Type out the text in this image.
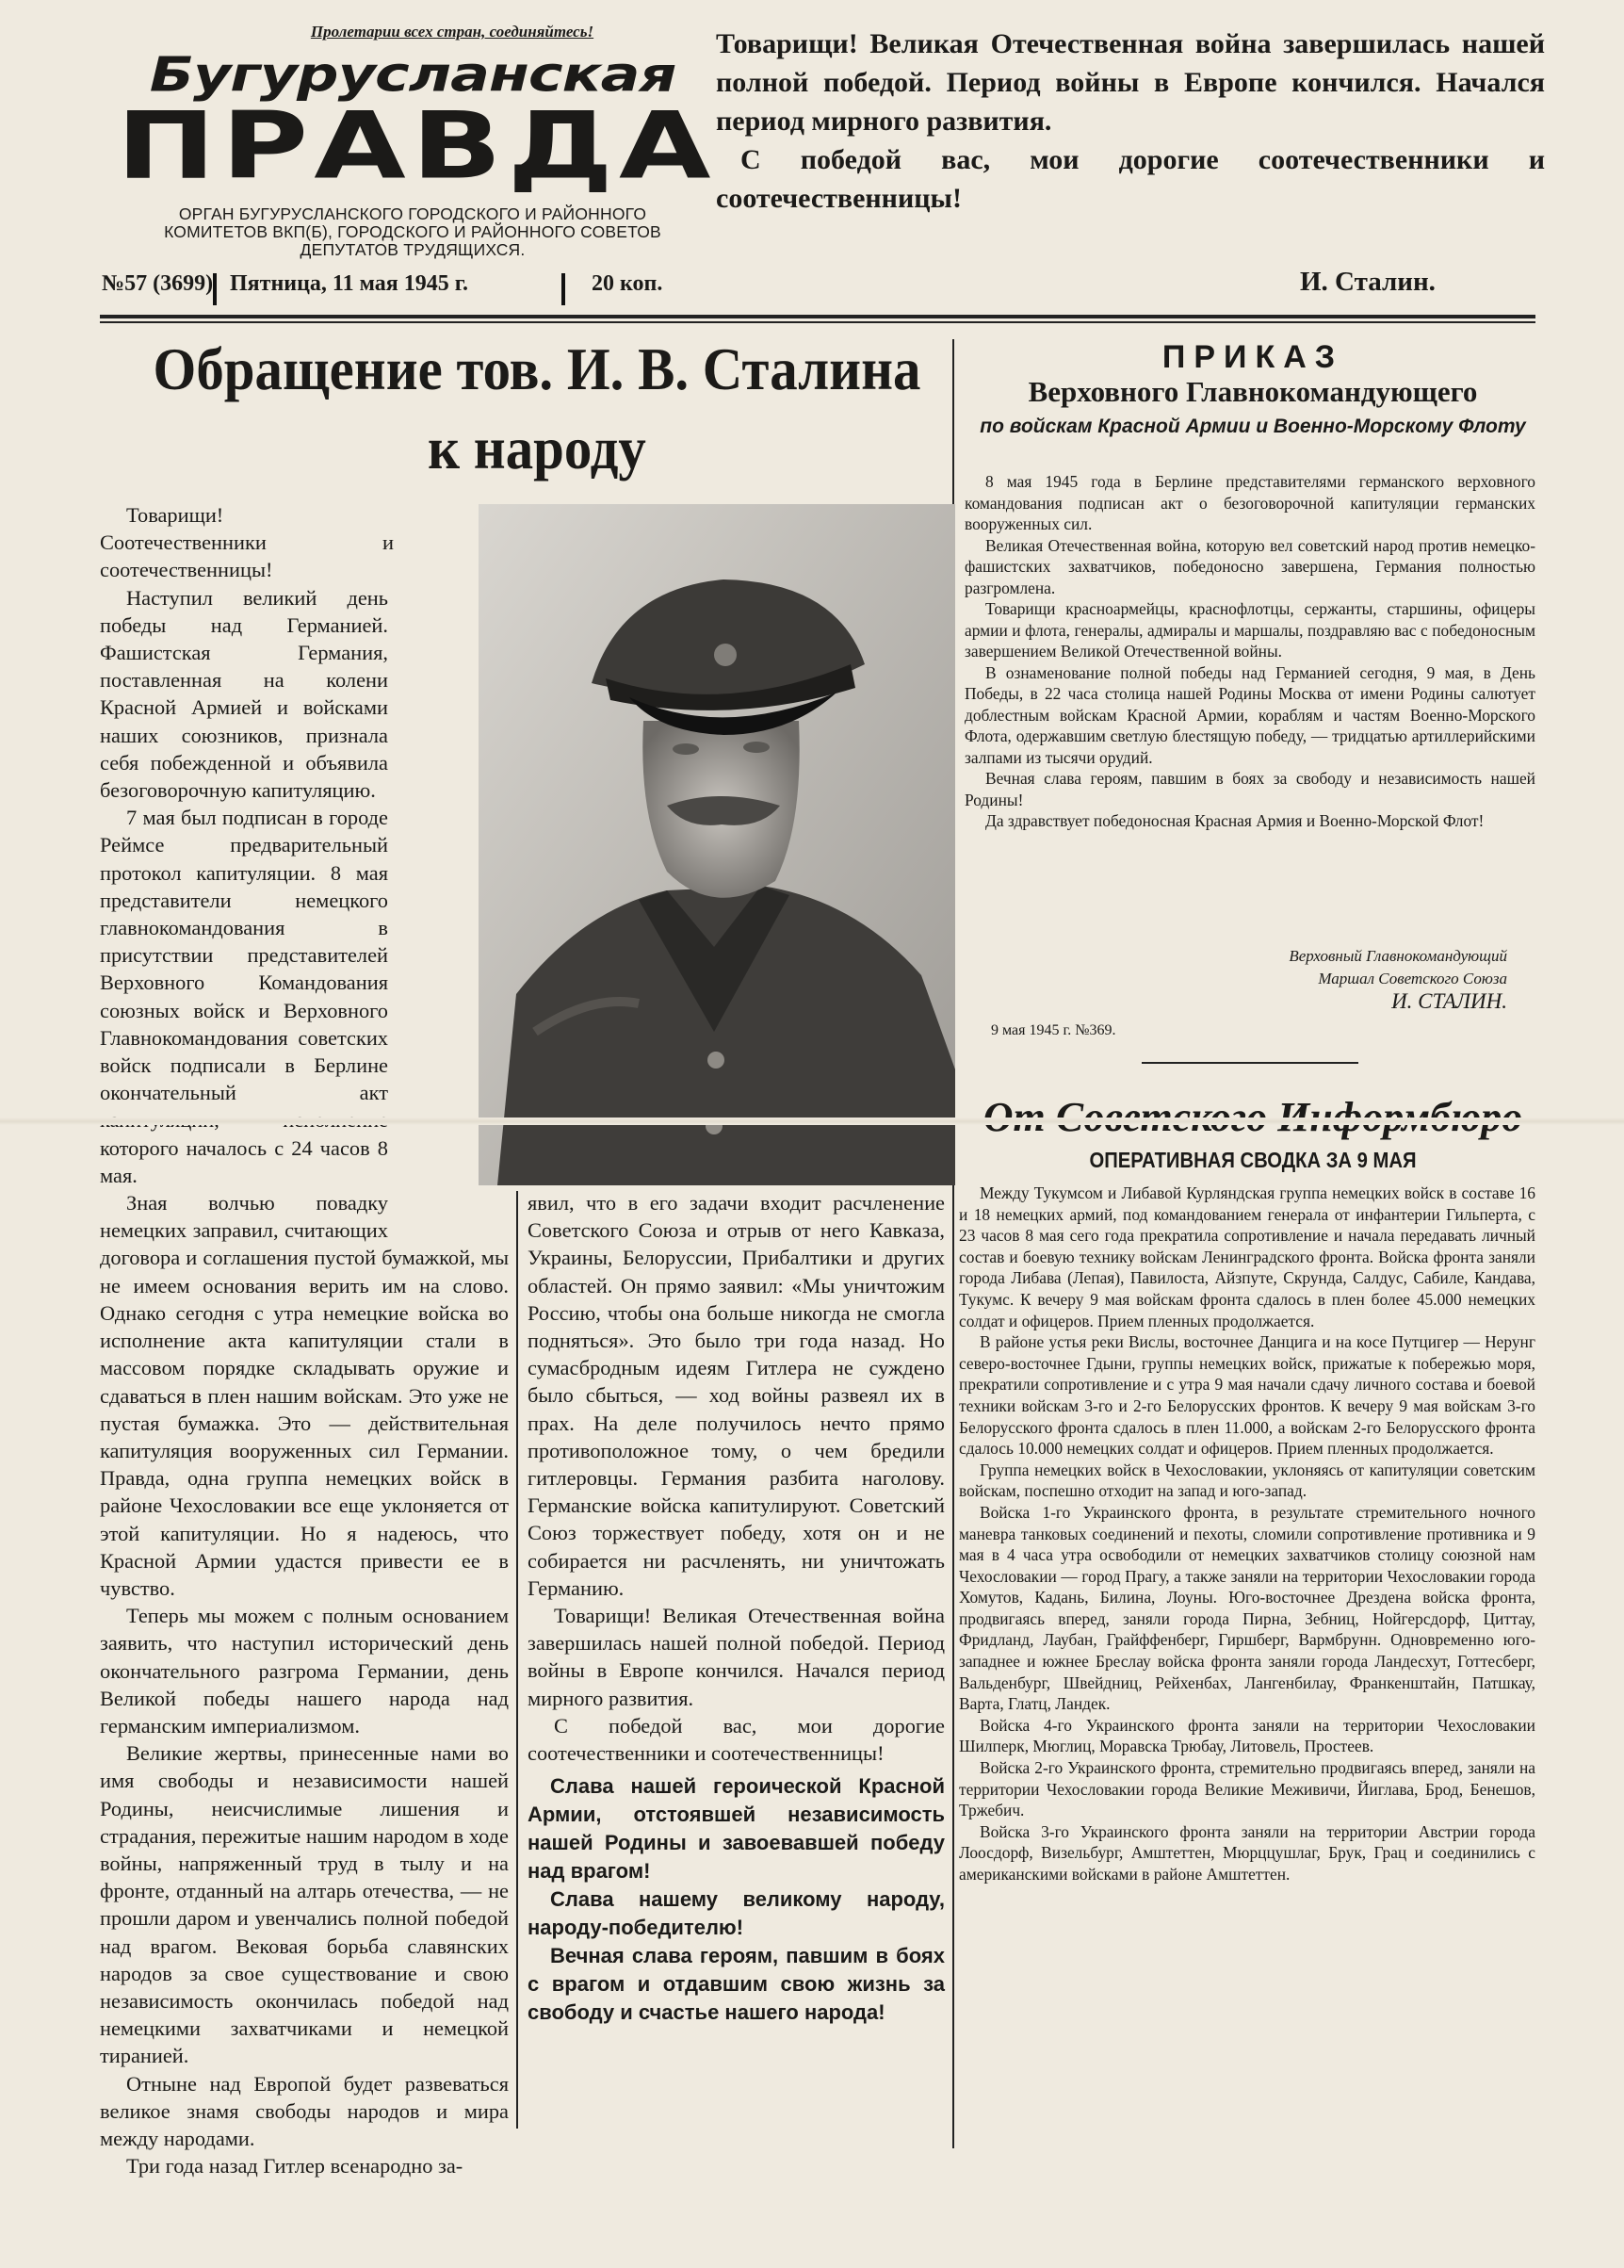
Пролетарии всех стран, соединяйтесь!
Бугурусланская
ПРАВДА
ОРГАН БУГУРУСЛАНСКОГО ГОРОДСКОГО И РАЙОННОГО
КОМИТЕТОВ ВКП(Б), ГОРОДСКОГО И РАЙОННОГО СОВЕТОВ
ДЕПУТАТОВ ТРУДЯЩИХСЯ.

Товарищи! Великая Отечественная война завершилась нашей полной победой. Период войны в Европе кончился. Начался период мирного развития.

С победой вас, мои дорогие соотечественники и соотечественницы!

И. Сталин.
№57 (3699) Пятница, 11 мая 1945 г.	20 коп.
Обращение тов. И. В. Сталина
к народу

Товарищи! Соотечественники и соотечественницы!

Наступил великий день победы над Германией. Фашистская Германия, поставленная на колени Красной Армией и войсками наших союзников, признала себя побежденной и объявила безоговорочную капитуляцию.

7 мая был подписан в городе Реймсе предварительный протокол капитуляции. 8 мая представители немецкого главнокомандования в присутствии представителей Верховного Командования союзных войск и Верховного Главнокомандования советских войск подписали в Берлине окончательный акт которого началось с 24 часов 8 мая.

Зная волчью повадку немецких заправил, считающих договора и соглашения пустой бумажкой, мы не имеем основания верить им на слово. Однако сегодня с утра немецкие войска во исполнение акта капитуляции стали в массовом порядке складывать оружие и сдаваться в плен нашим войскам. Это уже не пустая бумажка. Это — действительная капитуляция вооруженных сил Германии. Правда, одна группа немецких войск в районе Чехословакии все еще уклоняется от этой капитуляции. Но я надеюсь, что Красной Армии удастся привести ее в чувство.

Теперь мы можем с полным основанием заявить, что наступил исторический день окончательного разгрома Германии, день Великой победы нашего народа над германским империализмом.

Великие жертвы, принесенные нами во имя свободы и независимости нашей Родины, неисчислимые лишения и страдания, пережитые нашим народом в ходе войны, напряженный труд в тылу и на фронте, отданный на алтарь отечества, — не прошли даром и увенчались полной победой над врагом. Вековая борьба славянских народов за свое существование и свою независимость окончилась победой над немецкими захватчиками и немецкой тиранией.

Отныне над Европой будет развеваться великое знамя свободы народов и мира между народами.

Три года назад Гитлер всенародно за-

явил, что в его задачи входит расчленение Советского Союза и отрыв от него Кавказа, Украины, Белоруссии, Прибалтики и других областей. Он прямо заявил: «Мы уничтожим Россию, чтобы она больше никогда не смогла подняться». Это было три года назад. Но сумасбродным идеям Гитлера не суждено было сбыться, — ход войны развеял их в прах. На деле получилось нечто прямо противоположное тому, о чем бредили гитлеровцы. Германия разбита наголову. Германские войска капитулируют. Советский Союз торжествует победу, хотя он и не собирается ни расчленять, ни уничтожать Германию.

Товарищи! Великая Отечественная война завершилась нашей полной победой. Период войны в Европе кончился. Начался период мирного развития.

С победой вас, мои дорогие соотечественники и соотечественницы!

Слава нашей героической Красной Армии, отстоявшей независимость нашей Родины и завоевавшей победу над врагом!

Слава нашему великому народу, народу-победителю!

Вечная слава героям, павшим в боях с врагом и отдавшим свою жизнь за свободу и счастье нашего народа!

ПРИКАЗ
Верховного Главнокомандующего
по войскам Красной Армии и Военно-Морскому Флоту

8 мая 1945 года в Берлине представителями германского верховного командования подписан акт о безоговорочной капитуляции германских вооруженных сил.

Великая Отечественная война, которую вел советский народ против немецко-фашистских захватчиков, победоносно завершена, Германия полностью разгромлена.

Товарищи красноармейцы, краснофлотцы, сержанты, старшины, офицеры армии и флота, генералы, адмиралы и маршалы, поздравляю вас с победоносным завершением Великой Отечественной войны.

В ознаменование полной победы над Германией сегодня, 9 мая, в День Победы, в 22 часа столица нашей Родины Москва от имени Родины салютует доблестным войскам Красной Армии, кораблям и частям Военно-Морского Флота, одержавшим светлую блестящую победу, — тридцатью артиллерийскими залпами из тысячи орудий.

Вечная слава героям, павшим в боях за свободу и независимость нашей Родины!

Да здравствует победоносная Красная Армия и Военно-Морской Флот!

Верховный Главнокомандующий
Маршал Советского Союза
И. СТАЛИН.
9 мая 1945 г. №369.
ОПЕРАТИВНАЯ СВОДКА ЗА 9 МАЯ

Между Тукумсом и Либавой Курляндская группа немецких войск в составе 16 и 18 немецких армий, под командованием генерала от инфантерии Гильперта, с 23 часов 8 мая сего года прекратила сопротивление и начала передавать личный состав и боевую технику войскам Ленинградского фронта. Войска фронта заняли города Либава (Лепая), Павилоста, Айзпуте, Скрунда, Салдус, Сабиле, Кандава, Тукумс. К вечеру 9 мая войскам фронта сдалось в плен более 45.000 немецких солдат и офицеров. Прием пленных продолжается.

В районе устья реки Вислы, восточнее Данцига и на косе Путцигер — Нерунг северо-восточнее Гдыни, группы немецких войск, прижатые к побережью моря, прекратили сопротивление и с утра 9 мая начали сдачу личного состава и боевой техники войскам 3-го и 2-го Белорусских фронтов. К вечеру 9 мая войскам 3-го Белорусского фронта сдалось в плен 11.000, а войскам 2-го Белорусского фронта сдалось 10.000 немецких солдат и офицеров. Прием пленных продолжается.

Группа немецких войск в Чехословакии, уклоняясь от капитуляции советским войскам, поспешно отходит на запад и юго-запад.

Войска 1-го Украинского фронта, в результате стремительного ночного маневра танковых соединений и пехоты, сломили сопротивление противника и 9 мая в 4 часа утра освободили от немецких захватчиков столицу союзной нам Чехословакии — город Прагу, а также заняли на территории Чехословакии города Хомутов, Кадань, Билина, Лоуны. Юго-восточнее Дрездена войска фронта, продвигаясь вперед, заняли города Пирна, Зебниц, Нойгерсдорф, Циттау, Фридланд, Лаубан, Грайффенберг, Гиршберг, Вармбрунн. Одновременно юго-западнее и южнее Бреслау войска фронта заняли города Ландесхут, Готтесберг, Вальденбург, Швейдниц, Рейхенбах, Лангенбилау, Франкенштайн, Патшкау, Варта, Глатц, Ландек.

Войска 4-го Украинского фронта заняли на территории Чехословакии Шилперк, Мюглиц, Моравска Трюбау, Литовель, Простеев.

Войска 2-го Украинского фронта, стремительно продвигаясь вперед, заняли на территории Чехословакии города Великие Меживичи, Йиглава, Брод, Бенешов, Тржебич.

Войска 3-го Украинского фронта заняли на территории Австрии города Лоосдорф, Визельбург, Амштеттен, Мюрццушлаг, Брук, Грац и соединились с американскими войсками в районе Амштеттен.
